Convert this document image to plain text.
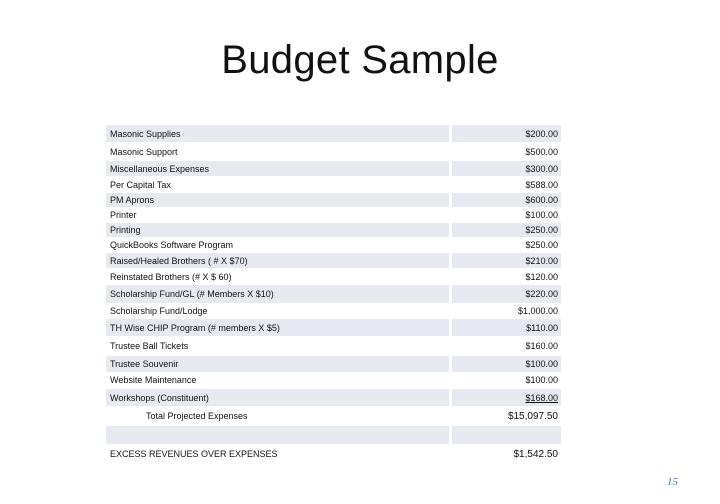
Budget Sample
Masonic Supplies	$200.00
Masonic Support	$500.00
Miscellaneous Expenses	$300.00
Per Capital Tax	$588.00
PM Aprons	$600.00
Printer	$100.00
Printing	$250.00
QuickBooks Software Program	$250.00
Raised/Healed Brothers ( # X $70)	$210.00
Reinstated Brothers (# X $ 60)	$120.00
Scholarship Fund/GL (# Members X $10)	$220.00
Scholarship Fund/Lodge	$1,000.00
TH Wise CHIP Program (# members X $5)	$110.00
Trustee Ball Tickets	$160.00
Trustee Souvenir	$100.00
Website Maintenance	$100.00
Workshops (Constituent)	$168.00
Total Projected Expenses	$15,097.50
EXCESS REVENUES OVER EXPENSES	$1,542.50
15
